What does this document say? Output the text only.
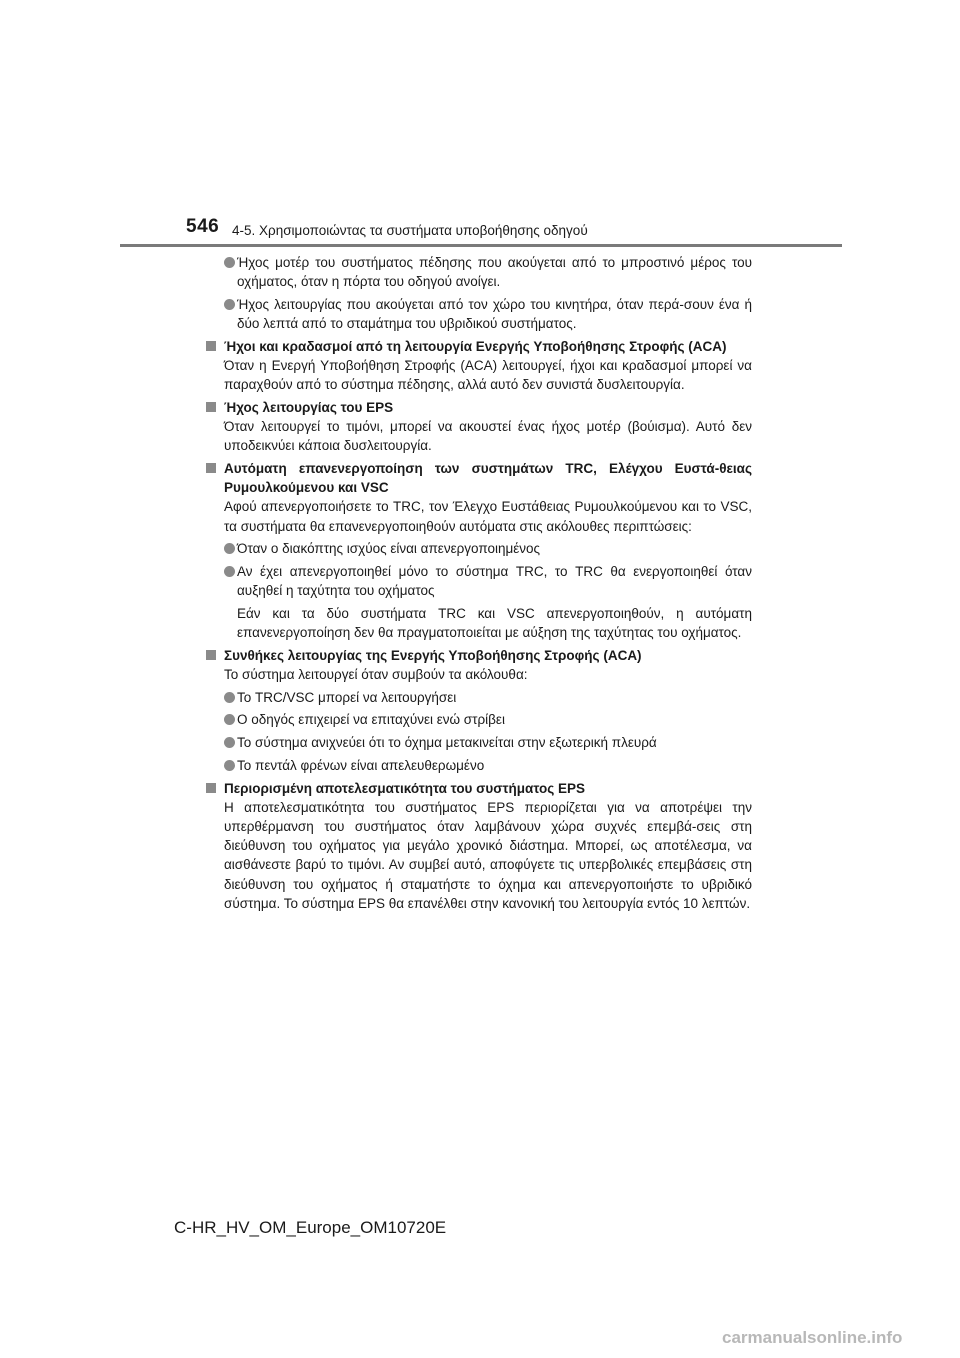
546 4-5. Χρησιμοποιώντας τα συστήματα υποβοήθησης οδηγού
Ήχος μοτέρ του συστήματος πέδησης που ακούγεται από το μπροστινό μέρος του οχήματος, όταν η πόρτα του οδηγού ανοίγει.
Ήχος λειτουργίας που ακούγεται από τον χώρο του κινητήρα, όταν περά-σουν ένα ή δύο λεπτά από το σταμάτημα του υβριδικού συστήματος.
Ήχοι και κραδασμοί από τη λειτουργία Ενεργής Υποβοήθησης Στροφής (ACA)
Όταν η Ενεργή Υποβοήθηση Στροφής (ACA) λειτουργεί, ήχοι και κραδασμοί μπορεί να παραχθούν από το σύστημα πέδησης, αλλά αυτό δεν συνιστά δυσλειτουργία.
Ήχος λειτουργίας του EPS
Όταν λειτουργεί το τιμόνι, μπορεί να ακουστεί ένας ήχος μοτέρ (βούισμα). Αυτό δεν υποδεικνύει κάποια δυσλειτουργία.
Αυτόματη επανενεργοποίηση των συστημάτων TRC, Ελέγχου Ευστά-θειας Ρυμουλκούμενου και VSC
Αφού απενεργοποιήσετε το TRC, τον Έλεγχο Ευστάθειας Ρυμουλκούμενου και το VSC, τα συστήματα θα επανενεργοποιηθούν αυτόματα στις ακόλουθες περιπτώσεις:
Όταν ο διακόπτης ισχύος είναι απενεργοποιημένος
Αν έχει απενεργοποιηθεί μόνο το σύστημα TRC, το TRC θα ενεργοποιηθεί όταν αυξηθεί η ταχύτητα του οχήματος
Εάν και τα δύο συστήματα TRC και VSC απενεργοποιηθούν, η αυτόματη επανενεργοποίηση δεν θα πραγματοποιείται με αύξηση της ταχύτητας του οχήματος.
Συνθήκες λειτουργίας της Ενεργής Υποβοήθησης Στροφής (ACA)
Το σύστημα λειτουργεί όταν συμβούν τα ακόλουθα:
Το TRC/VSC μπορεί να λειτουργήσει
Ο οδηγός επιχειρεί να επιταχύνει ενώ στρίβει
Το σύστημα ανιχνεύει ότι το όχημα μετακινείται στην εξωτερική πλευρά
Το πεντάλ φρένων είναι απελευθερωμένο
Περιορισμένη αποτελεσματικότητα του συστήματος EPS
Η αποτελεσματικότητα του συστήματος EPS περιορίζεται για να αποτρέψει την υπερθέρμανση του συστήματος όταν λαμβάνουν χώρα συχνές επεμβά-σεις στη διεύθυνση του οχήματος για μεγάλο χρονικό διάστημα. Μπορεί, ως αποτέλεσμα, να αισθάνεστε βαρύ το τιμόνι. Αν συμβεί αυτό, αποφύγετε τις υπερβολικές επεμβάσεις στη διεύθυνση του οχήματος ή σταματήστε το όχημα και απενεργοποιήστε το υβριδικό σύστημα. Το σύστημα EPS θα επανέλθει στην κανονική του λειτουργία εντός 10 λεπτών.
C-HR_HV_OM_Europe_OM10720E
carmanualsonline.info
